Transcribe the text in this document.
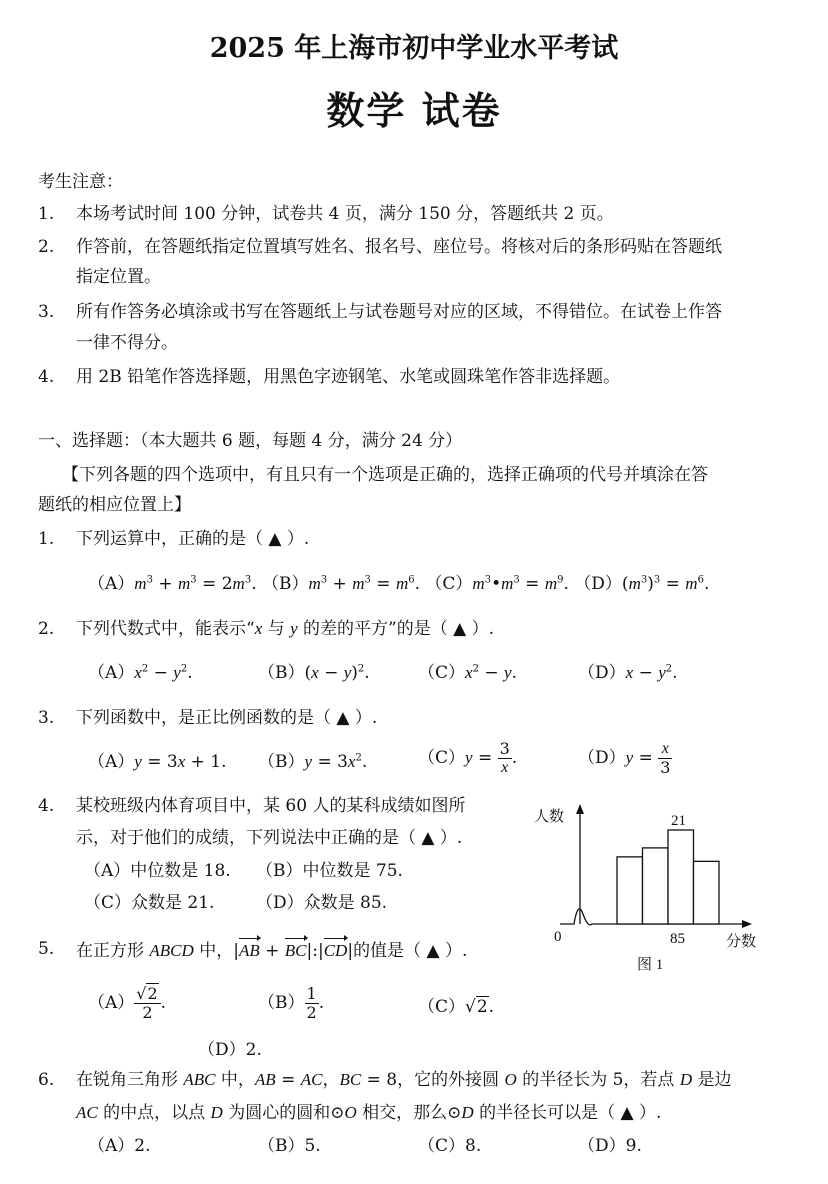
2025 年上海市初中学业水平考试
数学 试卷
考生注意：
1. 本场考试时间 100 分钟，试卷共 4 页，满分 150 分，答题纸共 2 页。
2. 作答前，在答题纸指定位置填写姓名、报名号、座位号。将核对后的条形码贴在答题纸
指定位置。
3. 所有作答务必填涂或书写在答题纸上与试卷题号对应的区域，不得错位。在试卷上作答
一律不得分。
4. 用 2B 铅笔作答选择题，用黑色字迹钢笔、水笔或圆珠笔作答非选择题。
一、选择题：（本大题共 6 题，每题 4 分，满分 24 分）
【下列各题的四个选项中，有且只有一个选项是正确的，选择正确项的代号并填涂在答
题纸的相应位置上】
1. 下列运算中，正确的是（ ▲ ）.
$(A)m^3 + m^3 = 2m^3$. $(B)m^3 + m^3 = m^6$. $(C)m^3•m^3 = m^9$. $(D)(m^3)^3 = m^6$.
2. 下列代数式中，能表示“x 与 y 的差的平方”的是（ ▲ ）.
$(A)x^2 - y^2$.	$(B)(x - y)^2$.	$(C)x^2 - y$.	$(D)x - y^2$.
3. 下列函数中，是正比例函数的是（ ▲ ）.
（A）y = 3x + 1. $(B)y = 3x^2$.	$(C)y = \frac{3}{x}$ .	$(D)y = \frac{x}{3}$
4. 某校班级内体育项目中，某 60 人的某科成绩如图所
示，对于他们的成绩，下列说法中正确的是（ ▲ ）.
（A）中位数是 18. （B）中位数是 75.
（C）众数是 21. （D）众数是 85.
人数
0	分数
85
21
图 1
5. 在正方形 ABCD 中，|AB + BC|:|CD|的值是（ ▲ ）.
$(A) \frac{√2}{2}$ .	$(B) \frac{1}{2}$ .	（C）√2.
（D）2.
6. 在锐角三角形 ABC 中，AB = AC，BC = 8，它的外接圆 O 的半径长为 5，若点 D 是边
AC 的中点，以点 D 为圆心的圆和⊙O 相交，那么⊙D 的半径长可以是（ ▲ ）.
（A）2.	（B）5.	（C）8.	（D）9.
